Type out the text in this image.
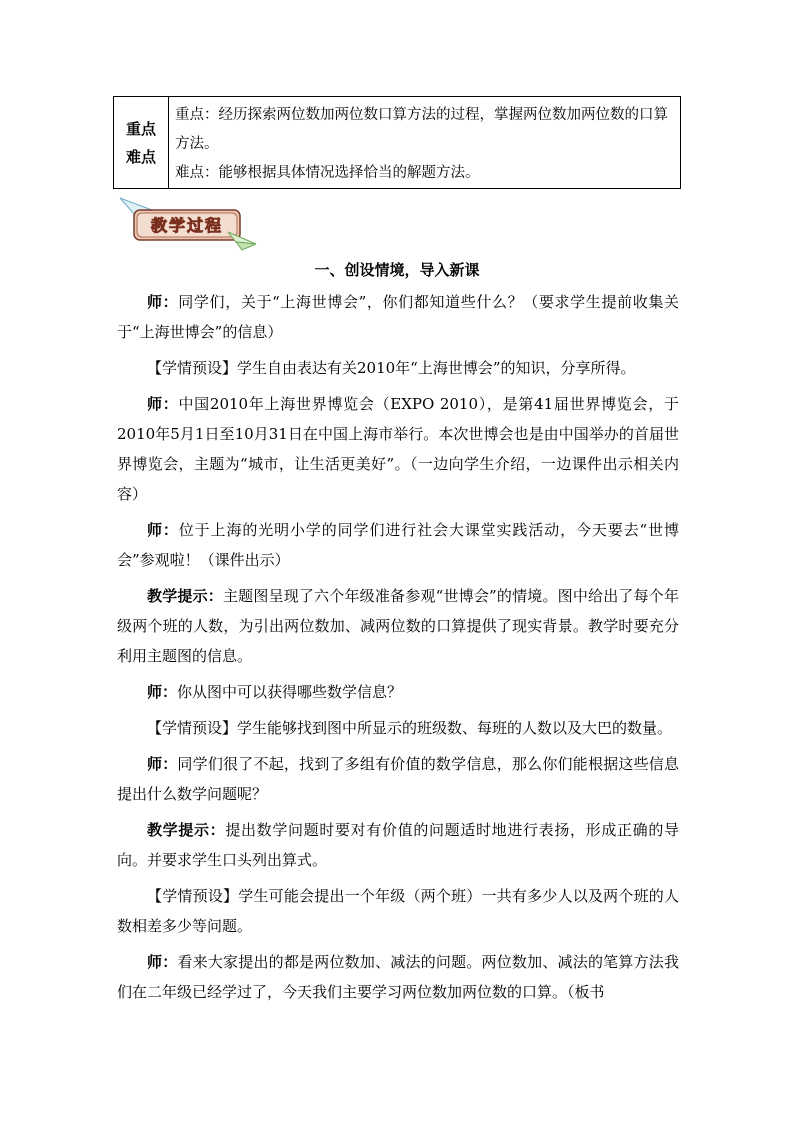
重点
难点
重点：经历探索两位数加两位数口算方法的过程，掌握两位数加两位数的口算方法。
难点：能够根据具体情况选择恰当的解题方法。
教学过程
一、创设情境，导入新课

师：同学们，关于“上海世博会”，你们都知道些什么？（要求学生提前收集关于“上海世博会”的信息）

【学情预设】学生自由表达有关2010年“上海世博会”的知识，分享所得。

师：中国2010年上海世界博览会（EXPO 2010），是第41届世界博览会，于2010年5月1日至10月31日在中国上海市举行。本次世博会也是由中国举办的首届世界博览会，主题为“城市，让生活更美好”。（一边向学生介绍，一边课件出示相关内容）

师：位于上海的光明小学的同学们进行社会大课堂实践活动，今天要去“世博会”参观啦！（课件出示）

教学提示：主题图呈现了六个年级准备参观“世博会”的情境。图中给出了每个年级两个班的人数，为引出两位数加、减两位数的口算提供了现实背景。教学时要充分利用主题图的信息。

师：你从图中可以获得哪些数学信息？

【学情预设】学生能够找到图中所显示的班级数、每班的人数以及大巴的数量。

师：同学们很了不起，找到了多组有价值的数学信息，那么你们能根据这些信息提出什么数学问题呢？

教学提示：提出数学问题时要对有价值的问题适时地进行表扬，形成正确的导向。并要求学生口头列出算式。

【学情预设】学生可能会提出一个年级（两个班）一共有多少人以及两个班的人数相差多少等问题。

师：看来大家提出的都是两位数加、减法的问题。两位数加、减法的笔算方法我们在二年级已经学过了，今天我们主要学习两位数加两位数的口算。（板书
